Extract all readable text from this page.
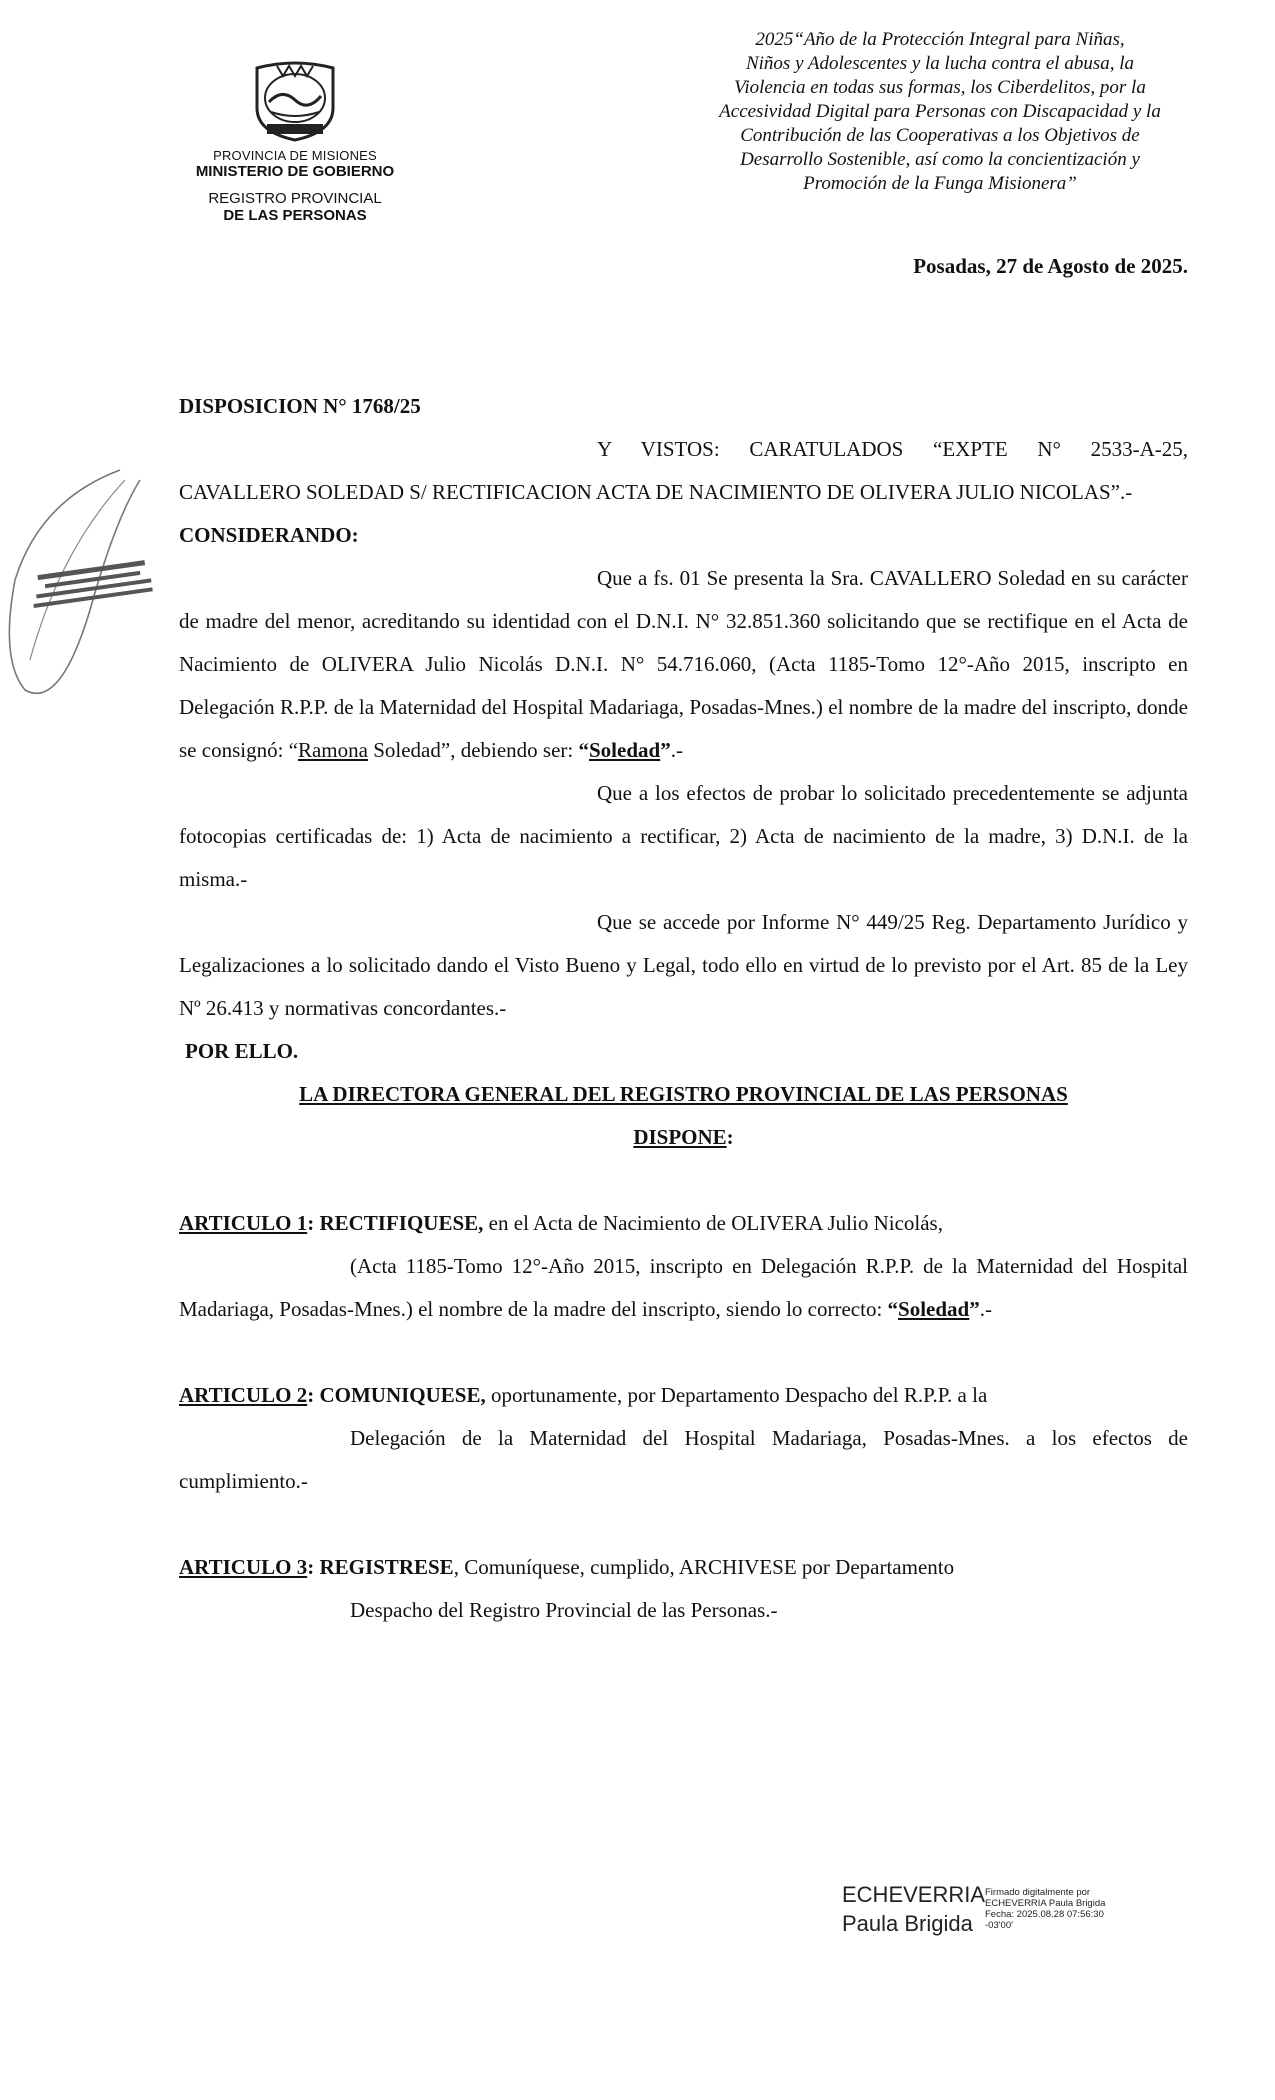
PROVINCIA DE MISIONES
MINISTERIO DE GOBIERNO
REGISTRO PROVINCIAL
DE LAS PERSONAS
2025“Año de la Protección Integral para Niñas,
Niños y Adolescentes y la lucha contra el abusa, la
Violencia en todas sus formas, los Ciberdelitos, por la
Accesividad Digital para Personas con Discapacidad y la
Contribución de las Cooperativas a los Objetivos de
Desarrollo Sostenible, así como la concientización y
Promoción de la Funga Misionera”
Posadas, 27 de Agosto de 2025.

DISPOSICION N° 1768/25

Y VISTOS: CARATULADOS “EXPTE N° 2533-A-25, CAVALLERO SOLEDAD S/ RECTIFICACION ACTA DE NACIMIENTO DE OLIVERA JULIO NICOLAS”.-

CONSIDERANDO:

Que a fs. 01 Se presenta la Sra. CAVALLERO Soledad en su carácter de madre del menor, acreditando su identidad con el D.N.I. N° 32.851.360 solicitando que se rectifique en el Acta de Nacimiento de OLIVERA Julio Nicolás D.N.I. N° 54.716.060, (Acta 1185-Tomo 12°-Año 2015, inscripto en Delegación R.P.P. de la Maternidad del Hospital Madariaga, Posadas-Mnes.) el nombre de la madre del inscripto, donde se consignó: “Ramona Soledad”, debiendo ser: “Soledad”.-

Que a los efectos de probar lo solicitado precedentemente se adjunta fotocopias certificadas de: 1) Acta de nacimiento a rectificar, 2) Acta de nacimiento de la madre, 3) D.N.I. de la misma.-

Que se accede por Informe N° 449/25 Reg. Departamento Jurídico y Legalizaciones a lo solicitado dando el Visto Bueno y Legal, todo ello en virtud de lo previsto por el Art. 85 de la Ley Nº 26.413 y normativas concordantes.-

POR ELLO.

LA DIRECTORA GENERAL DEL REGISTRO PROVINCIAL DE LAS PERSONAS

DISPONE:

ARTICULO 1: RECTIFIQUESE, en el Acta de Nacimiento de OLIVERA Julio Nicolás,

(Acta 1185-Tomo 12°-Año 2015, inscripto en Delegación R.P.P. de la Maternidad del Hospital Madariaga, Posadas-Mnes.) el nombre de la madre del inscripto, siendo lo correcto: “Soledad”.-

ARTICULO 2: COMUNIQUESE, oportunamente, por Departamento Despacho del R.P.P. a la

Delegación de la Maternidad del Hospital Madariaga, Posadas-Mnes. a los efectos de cumplimiento.-

ARTICULO 3: REGISTRESE, Comuníquese, cumplido, ARCHIVESE por Departamento

Despacho del Registro Provincial de las Personas.-

ECHEVERRIA
Paula Brigida
Firmado digitalmente por
ECHEVERRIA Paula Brigida
Fecha: 2025.08.28 07:56:30
-03'00'
